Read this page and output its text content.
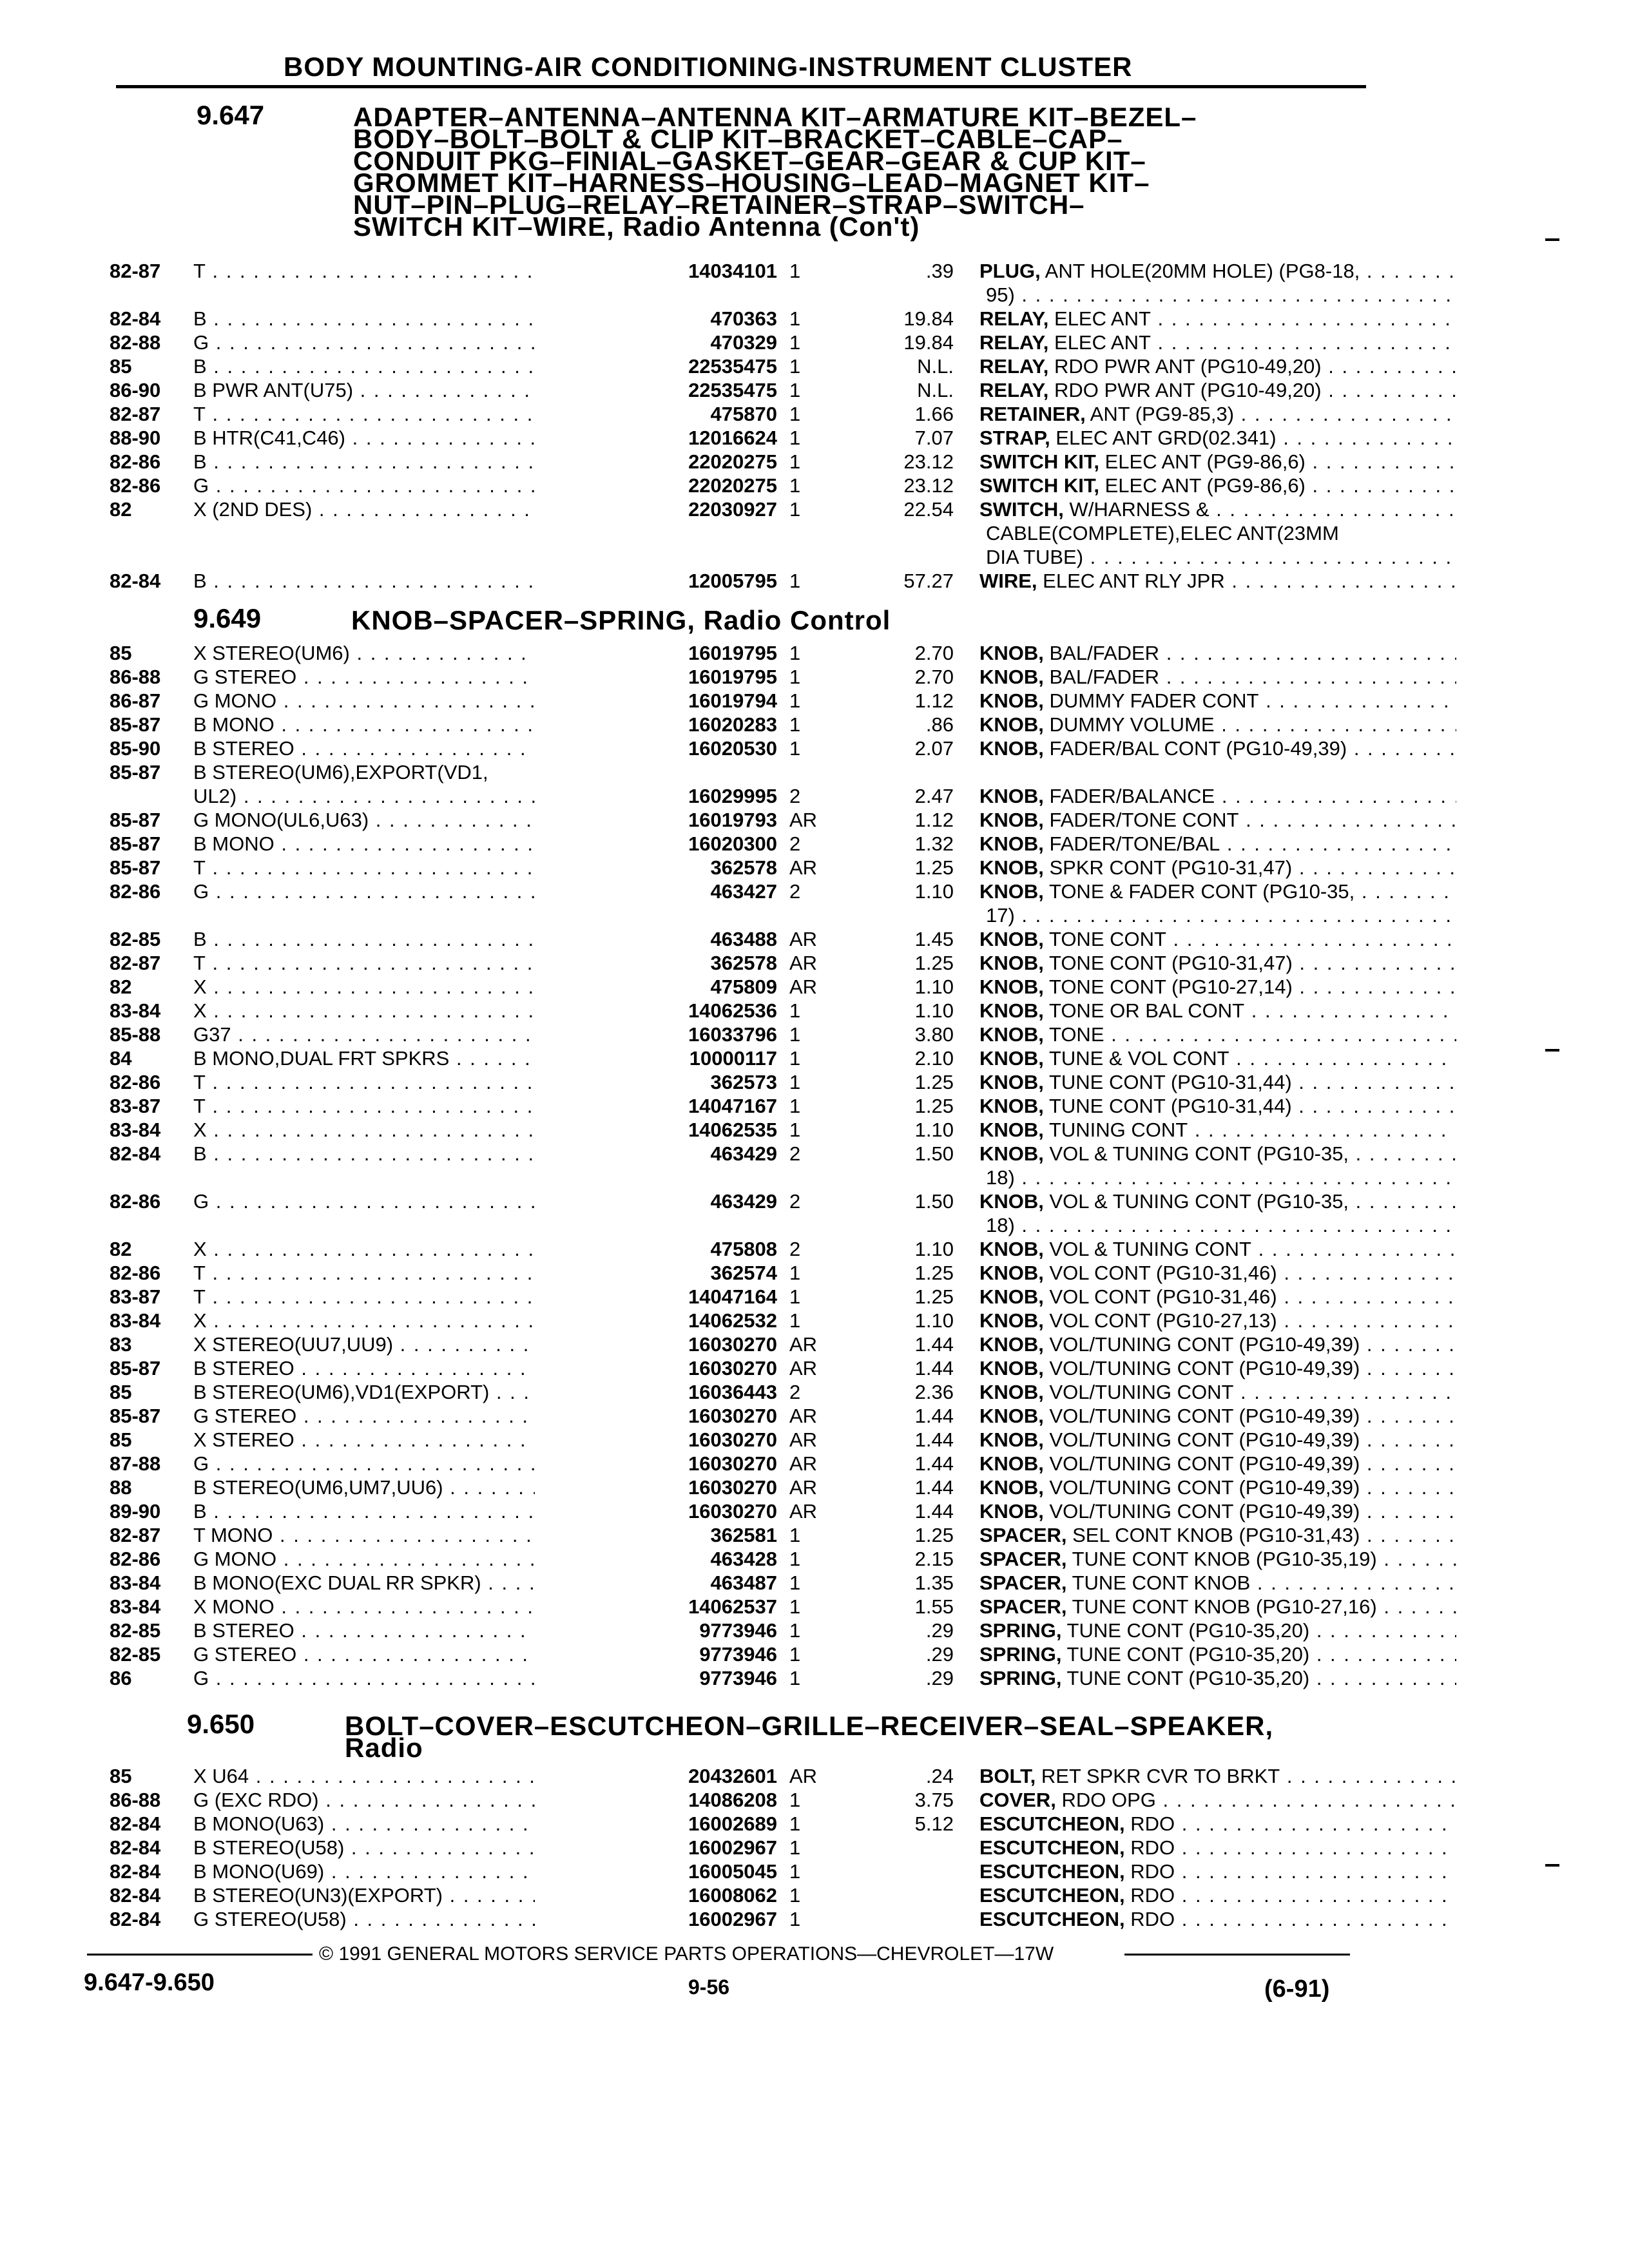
BODY MOUNTING-AIR CONDITIONING-INSTRUMENT CLUSTER
9.647	ADAPTER–ANTENNA–ANTENNA KIT–ARMATURE KIT–BEZEL–
BODY–BOLT–BOLT & CLIP KIT–BRACKET–CABLE–CAP–
CONDUIT PKG–FINIAL–GASKET–GEAR–GEAR & CUP KIT–
GROMMET KIT–HARNESS–HOUSING–LEAD–MAGNET KIT–
NUT–PIN–PLUG–RELAY–RETAINER–STRAP–SWITCH–
SWITCH KIT–WIRE, Radio Antenna (Con't)
82-87 T . . .	14034101 1	.39 PLUG, ANT HOLE(20MM HOLE) (PG8-18, . . .
95) . . .
82-84 B . . .	470363 1	19.84 RELAY, ELEC ANT . . .
82-88 G . . .	470329 1	19.84 RELAY, ELEC ANT . . .
85	B . . .	22535475 1	N.L. RELAY, RDO PWR ANT (PG10-49,20) . . .
86-90 B PWR ANT(U75) . . .	22535475 1	N.L. RELAY, RDO PWR ANT (PG10-49,20) . . .
82-87 T . . .	475870 1	1.66 RETAINER, ANT (PG9-85,3) . . .
88-90 B HTR(C41,C46) . . .	12016624 1	7.07 STRAP, ELEC ANT GRD(02.341) . . .
82-86 B . . .	22020275 1	23.12 SWITCH KIT, ELEC ANT (PG9-86,6) . . .
82-86 G . . .	22020275 1	23.12 SWITCH KIT, ELEC ANT (PG9-86,6) . . .
82	X (2ND DES) . . .	22030927 1	22.54 SWITCH, W/HARNESS & . . .
CABLE(COMPLETE),ELEC ANT(23MM
DIA TUBE) . . .
82-84 B . . .	12005795 1	57.27 WIRE, ELEC ANT RLY JPR . . .
9.649	KNOB–SPACER–SPRING, Radio Control
85	X STEREO(UM6) . . .	16019795 1	2.70 KNOB, BAL/FADER . . .
86-88 G STEREO . . .	16019795 1	2.70 KNOB, BAL/FADER . . .
86-87 G MONO . . .	16019794 1	1.12 KNOB, DUMMY FADER CONT . . .
85-87 B MONO . . .	16020283 1	.86 KNOB, DUMMY VOLUME . . .
85-90 B STEREO . . .	16020530 1	2.07 KNOB, FADER/BAL CONT (PG10-49,39) . . .
85-87 B STEREO(UM6),EXPORT(VD1,
UL2) . . .	16029995 2	2.47 KNOB, FADER/BALANCE . . .
85-87 G MONO(UL6,U63) . . .	16019793 AR	1.12 KNOB, FADER/TONE CONT . . .
85-87 B MONO . . .	16020300 2	1.32 KNOB, FADER/TONE/BAL . . .
85-87 T . . .	362578 AR	1.25 KNOB, SPKR CONT (PG10-31,47) . . .
82-86 G . . .	463427 2	1.10 KNOB, TONE & FADER CONT (PG10-35, . . .
17) . . .
82-85 B . . .	463488 AR	1.45 KNOB, TONE CONT . . .
82-87 T . . .	362578 AR	1.25 KNOB, TONE CONT (PG10-31,47) . . .
82	X . . .	475809 AR	1.10 KNOB, TONE CONT (PG10-27,14) . . .
83-84 X . . .	14062536 1	1.10 KNOB, TONE OR BAL CONT . . .
85-88 G37 . . .	16033796 1	3.80 KNOB, TONE . . .
84	B MONO,DUAL FRT SPKRS . . .	10000117 1	2.10 KNOB, TUNE & VOL CONT . . .
82-86 T . . .	362573 1	1.25 KNOB, TUNE CONT (PG10-31,44) . . .
83-87 T . . .	14047167 1	1.25 KNOB, TUNE CONT (PG10-31,44) . . .
83-84 X . . .	14062535 1	1.10 KNOB, TUNING CONT . . .
82-84 B . . .	463429 2	1.50 KNOB, VOL & TUNING CONT (PG10-35, . . .
18) . . .
82-86 G . . .	463429 2	1.50 KNOB, VOL & TUNING CONT (PG10-35, . . .
18) . . .
82	X . . .	475808 2	1.10 KNOB, VOL & TUNING CONT . . .
82-86 T . . .	362574 1	1.25 KNOB, VOL CONT (PG10-31,46) . . .
83-87 T . . .	14047164 1	1.25 KNOB, VOL CONT (PG10-31,46) . . .
83-84 X . . .	14062532 1	1.10 KNOB, VOL CONT (PG10-27,13) . . .
83	X STEREO(UU7,UU9) . . .	16030270 AR	1.44 KNOB, VOL/TUNING CONT (PG10-49,39) . . .
85-87 B STEREO . . .	16030270 AR	1.44 KNOB, VOL/TUNING CONT (PG10-49,39) . . .
85	B STEREO(UM6),VD1(EXPORT) . . .	16036443 2	2.36 KNOB, VOL/TUNING CONT . . .
85-87 G STEREO . . .	16030270 AR	1.44 KNOB, VOL/TUNING CONT (PG10-49,39) . . .
85	X STEREO . . .	16030270 AR	1.44 KNOB, VOL/TUNING CONT (PG10-49,39) . . .
87-88 G . . .	16030270 AR	1.44 KNOB, VOL/TUNING CONT (PG10-49,39) . . .
88	B STEREO(UM6,UM7,UU6) . . .	16030270 AR	1.44 KNOB, VOL/TUNING CONT (PG10-49,39) . . .
89-90 B . . .	16030270 AR	1.44 KNOB, VOL/TUNING CONT (PG10-49,39) . . .
82-87 T MONO . . .	362581 1	1.25 SPACER, SEL CONT KNOB (PG10-31,43) . . .
82-86 G MONO . . .	463428 1	2.15 SPACER, TUNE CONT KNOB (PG10-35,19) . . .
83-84 B MONO(EXC DUAL RR SPKR) . . .	463487 1	1.35 SPACER, TUNE CONT KNOB . . .
83-84 X MONO . . .	14062537 1	1.55 SPACER, TUNE CONT KNOB (PG10-27,16) . . .
82-85 B STEREO . . .	9773946 1	.29 SPRING, TUNE CONT (PG10-35,20) . . .
82-85 G STEREO . . .	9773946 1	.29 SPRING, TUNE CONT (PG10-35,20) . . .
86	G . . .	9773946 1	.29 SPRING, TUNE CONT (PG10-35,20) . . .
9.650	BOLT–COVER–ESCUTCHEON–GRILLE–RECEIVER–SEAL–SPEAKER,
Radio
85	X U64 . . .	20432601 AR	.24 BOLT, RET SPKR CVR TO BRKT . . .
86-88 G (EXC RDO) . . .	14086208 1	3.75 COVER, RDO OPG . . .
82-84 B MONO(U63) . . .	16002689 1	5.12 ESCUTCHEON, RDO . . .
82-84 B STEREO(U58) . . .	16002967 1	ESCUTCHEON, RDO . . .
82-84 B MONO(U69) . . .	16005045 1	ESCUTCHEON, RDO . . .
82-84 B STEREO(UN3)(EXPORT) . . .	16008062 1	ESCUTCHEON, RDO . . .
82-84 G STEREO(U58) . . .	16002967 1	ESCUTCHEON, RDO . . .
© 1991 GENERAL MOTORS SERVICE PARTS OPERATIONS—CHEVROLET—17W
9.647-9.650	9-56	(6-91)
